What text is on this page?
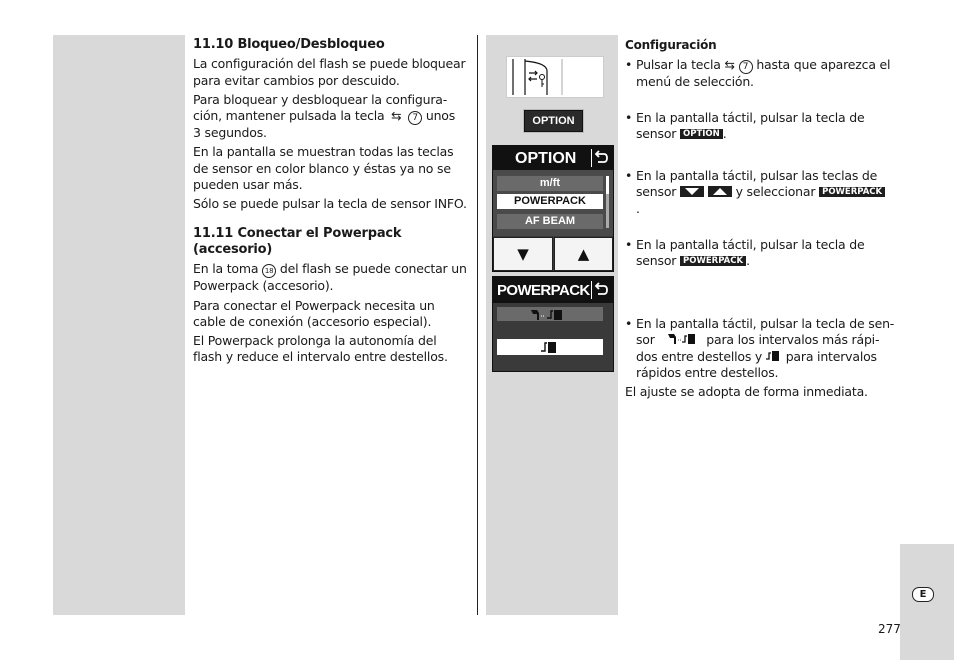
11.10 Bloqueo/Desbloqueo

La configuración del flash se puede bloquear para evitar cambios por descuido.

Para bloquear y desbloquear la configura-
ción, mantener pulsada la tecla ⇆ 7 unos
3 segundos.

En la pantalla se muestran todas las teclas de sensor en color blanco y éstas ya no se pueden usar más.

Sólo se puede pulsar la tecla de sensor INFO.

11.11 Conectar el Powerpack (accesorio)

En la toma 18 del flash se puede conectar un Powerpack (accesorio).

Para conectar el Powerpack necesita un cable de conexión (accesorio especial).

El Powerpack prolonga la autonomía del flash y reduce el intervalo entre destellos.

OPTION
OPTION
m/ft
POWERPACK
AF BEAM
▼	▲
POWERPACK

Configuración

• Pulsar la tecla ⇆ 7 hasta que aparezca el menú de selección.
• En la pantalla táctil, pulsar la tecla de sensor OPTION .
• En la pantalla táctil, pulsar las teclas de sensor
	y seleccionar POWERPACK
.
• En la pantalla táctil, pulsar la tecla de sensor POWERPACK .
• En la pantalla táctil, pulsar la tecla de sen-
sor	para los intervalos más rápi-
dos entre destellos y para intervalos
rápidos entre destellos.
El ajuste se adopta de forma inmediata.
E
277
